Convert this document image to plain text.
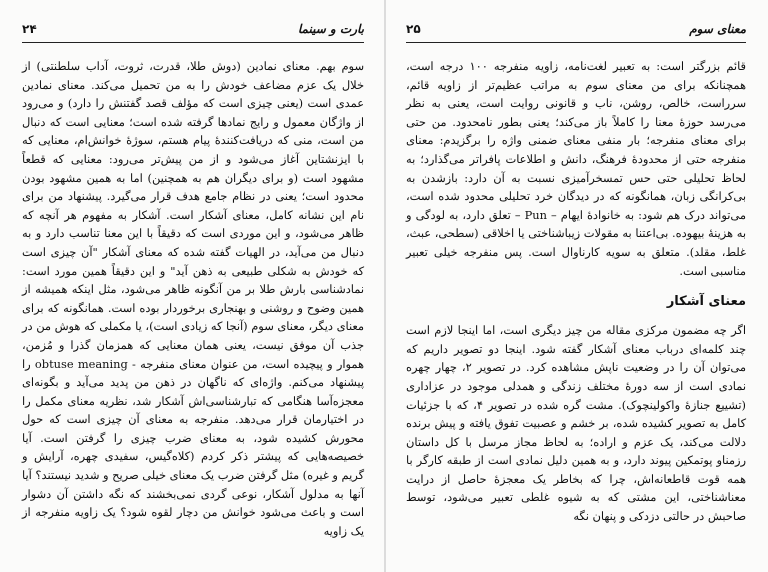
بارت و سینما
۲۴

سوم بهم. معنای نمادین (دوش طلا، قدرت، ثروت، آداب سلطنتی) از خلال یک عزم مضاعف خودش را به من تحمیل می‌کند. معنای نمادین عمدی است (یعنی چیزی است که مؤلف قصد گفتنش را دارد) و می‌رود از واژگان معمول و رایج نمادها گرفته شده است؛ معنایی است که دنبال من است، منی که دریافت‌کنندهٔ پیام هستم، سوژهٔ خوانش‌ام، معنایی که با ایزنشتاین آغاز می‌شود و از من پیش‌تر می‌رود: معنایی که قطعاً مشهود است (و برای دیگران هم به همچنین) اما به همین مشهود بودن محدود است؛ یعنی در نظام جامع هدف قرار می‌گیرد. پیشنهاد من برای نام این نشانه کامل، معنای آشکار است. آشکار به مفهوم هر آنچه که ظاهر می‌شود، و این موردی است که دقیقاً با این معنا تناسب دارد و به دنبال من می‌آید، در الهیات گفته شده که معنای آشکار "آن چیزی است که خودش به شکلی طبیعی به ذهن آید" و این دقیقاً همین مورد است: نمادشناسی بارش طلا بر من آنگونه ظاهر می‌شود، مثل اینکه همیشه از همین وضوح و روشنی و بهنجاری برخوردار بوده است. همانگونه که برای معنای دیگر، معنای سوم (آنجا که زیادی است)، یا مکملی که هوش من در جذب آن موفق نیست، یعنی همان معنایی که همزمان گذرا و مُزمن، هموار و پیچیده است، من عنوان معنای منفرجه - obtuse meaning را پیشنهاد می‌کنم. واژه‌ای که ناگهان در ذهن من پدید می‌آید و بگونه‌ای معجزه‌آسا هنگامی که تبارشناسی‌اش آشکار شد، نظریه معنای مکمل را در اختیارمان قرار می‌دهد. منفرجه به معنای آن چیزی است که حول محورش کشیده شود، به معنای ضرب چیزی را گرفتن است. آیا خصیصه‌هایی که پیشتر ذکر کردم (کلاه‌گیس، سفیدی چهره، آرایش و گریم و غیره) مثل گرفتن ضرب یک معنای خیلی صریح و شدید نیستند؟ آیا آنها به مدلول آشکار، نوعی گردی نمی‌بخشند که نگه داشتن آن دشوار است و باعث می‌شود خوانش من دچار لقوه شود؟ یک زاویه منفرجه از یک زاویه

معنای سوم
۲۵

قائم بزرگتر است: به تعبیر لغت‌نامه، زاویه منفرجه ۱۰۰ درجه است، همچنانکه برای من معنای سوم به مراتب عظیم‌تر از زاویه قائم، سرراست، خالص، روشن، ناب و قانونی روایت است، یعنی به نظر می‌رسد حوزهٔ معنا را کاملاً باز می‌کند؛ یعنی بطور نامحدود. من حتی برای معنای منفرجه؛ بار منفی معنای ضمنی واژه را برگزیدم: معنای منفرجه حتی از محدودهٔ فرهنگ، دانش و اطلاعات پافراتر می‌گذارد؛ به لحاظ تحلیلی حتی حس تمسخرآمیزی نسبت به آن دارد: بازشدن به بی‌کرانگی زبان، همانگونه که در دیدگان خرد تحلیلی محدود شده است، می‌تواند درک هم شود: به خانوادهٔ ایهام – Pun – تعلق دارد، به لودگی و به هزینهٔ بیهوده. بی‌اعتنا به مقولات زیباشناختی یا اخلاقی (سطحی، عبث، غلط، مقلد). متعلق به سویه کارناوال است. پس منفرجه خیلی تعبیر مناسبی است.

معنای آشکار

اگر چه مضمون مرکزی مقاله من چیز دیگری است، اما اینجا لازم است چند کلمه‌ای درباب معنای آشکار گفته شود. اینجا دو تصویر داریم که می‌توان آن را در وضعیت ناپش مشاهده کرد. در تصویر ۲، چهار چهره نمادی است از سه دورهٔ مختلف زندگی و همدلی موجود در عزاداری (تشییع جنازهٔ واکولینچوک). مشت گره شده در تصویر ۴، که با جزئیات کامل به تصویر کشیده شده، بر خشم و عصبیت تفوق یافته و پیش برنده دلالت می‌کند، یک عزم و اراده؛ به لحاظ مجاز مرسل با کل داستان رزمناو پوتمکین پیوند دارد، و به همین دلیل نمادی است از طبقه کارگر با همه قوت قاطعانه‌اش، چرا که بخاطر یک معجزهٔ حاصل از درایت معناشناختی، این مشتی که به شیوه غلطی تعبیر می‌شود، توسط صاحبش در حالتی دزدکی و پنهان نگه
